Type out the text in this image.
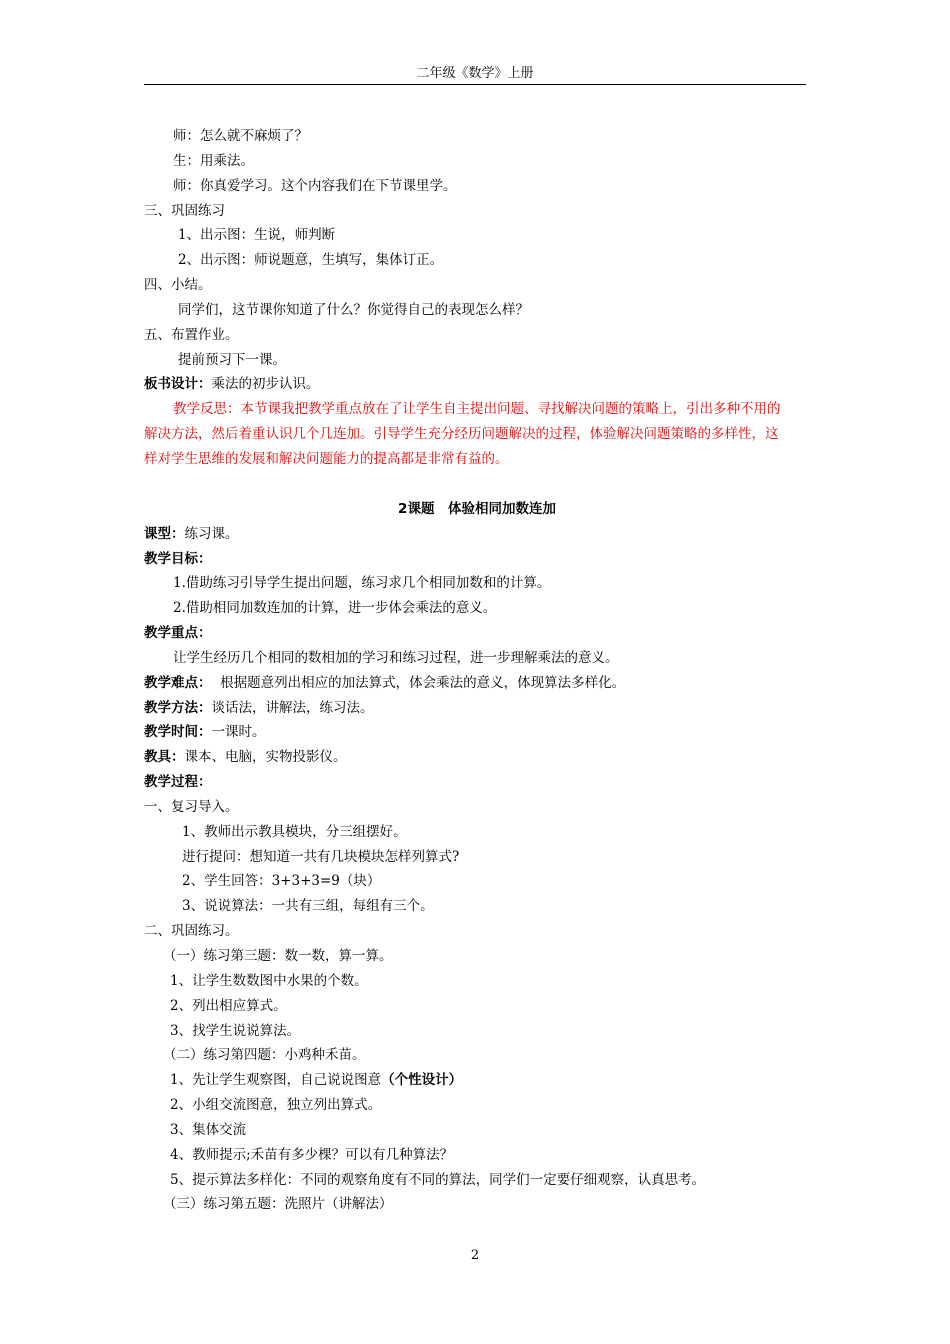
二年级《数学》上册
师：怎么就不麻烦了？
生：用乘法。
师：你真爱学习。这个内容我们在下节课里学。
三、巩固练习
1、出示图：生说，师判断
2、出示图：师说题意，生填写，集体订正。
四、小结。
同学们，这节课你知道了什么？你觉得自己的表现怎么样？
五、布置作业。
提前预习下一课。
板书设计：乘法的初步认识。
教学反思：本节课我把教学重点放在了让学生自主提出问题、寻找解决问题的策略上，引出多种不用的
解决方法，然后着重认识几个几连加。引导学生充分经历问题解决的过程，体验解决问题策略的多样性，这
样对学生思维的发展和解决问题能力的提高都是非常有益的。
2课题　体验相同加数连加
课型：练习课。
教学目标：
1.借助练习引导学生提出问题，练习求几个相同加数和的计算。
2.借助相同加数连加的计算，进一步体会乘法的意义。
教学重点：
让学生经历几个相同的数相加的学习和练习过程，进一步理解乘法的意义。
教学难点： 根据题意列出相应的加法算式，体会乘法的意义，体现算法多样化。
教学方法：谈话法，讲解法，练习法。
教学时间：一课时。
教具：课本、电脑，实物投影仪。
教学过程：
一、复习导入。
1、教师出示教具模块，分三组摆好。
进行提问：想知道一共有几块模块怎样列算式?
2、学生回答：3+3+3=9（块）
3、说说算法：一共有三组，每组有三个。
二、巩固练习。
（一）练习第三题：数一数，算一算。
1、让学生数数图中水果的个数。
2、列出相应算式。
3、找学生说说算法。
（二）练习第四题：小鸡种禾苗。
1、先让学生观察图，自己说说图意（个性设计）
2、小组交流图意，独立列出算式。
3、集体交流
4、教师提示;禾苗有多少棵？可以有几种算法？
5、提示算法多样化：不同的观察角度有不同的算法，同学们一定要仔细观察，认真思考。
（三）练习第五题：洗照片（讲解法）
2
